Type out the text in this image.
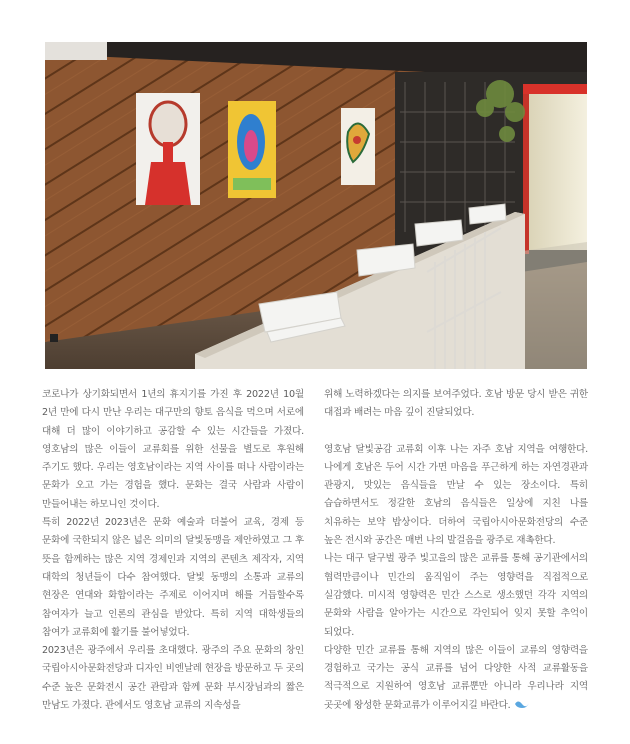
코로나가 상기화되면서 1년의 휴지기를 가진 후 2022년 10월 2년 만에 다시 만난 우리는 대구만의 향토 음식을 먹으며 서로에 대해 더 많이 이야기하고 공감할 수 있는 시간들을 가졌다. 영호남의 많은 이들이 교류회를 위한 선물을 별도로 후원해 주기도 했다. 우리는 영호남이라는 지역 사이를 떠나 사람이라는 문화가 오고 가는 경험을 했다. 문화는 결국 사람과 사람이 만들어내는 하모니인 것이다.

특히 2022년 2023년은 문화 예술과 더불어 교육, 경제 등 문화에 국한되지 않은 넓은 의미의 달빛동맹을 제안하였고 그 후 뜻을 함께하는 많은 지역 경제인과 지역의 콘텐츠 제작자, 지역 대학의 청년들이 다수 참여했다. 달빛 동맹의 소통과 교류의 현장은 연대와 화합이라는 주제로 이어지며 해를 거듭할수록 참여자가 늘고 인론의 관심을 받았다. 특히 지역 대학생들의 참여가 교류회에 활기를 불어넣었다.

2023년은 광주에서 우리를 초대했다. 광주의 주요 문화의 창인 국립아시아문화전당과 디자인 비엔날레 현장을 방문하고 두 곳의 수준 높은 문화전시 공간 관람과 함께 문화 부시장님과의 짧은 만남도 가졌다. 관에서도 영호남 교류의 지속성을

위해 노력하겠다는 의지를 보여주었다. 호남 방문 당시 받은 귀한 대접과 배려는 마음 깊이 진달되었다.

영호남 달빛공감 교류회 이후 나는 자주 호남 지역을 여행한다. 나에게 호남은 두어 시간 가면 마음을 푸근하게 하는 자연경관과 관광지, 맛있는 음식들을 만날 수 있는 장소이다. 특히 습습하면서도 정갈한 호남의 음식들은 일상에 지친 나를 치유하는 보약 밥상이다. 더하여 국립아시아문화전당의 수준 높은 전시와 공간은 매번 나의 발걸음을 광주로 재촉한다.

나는 대구 달구벌 광주 빛고을의 많은 교류를 통해 공기관에서의 협력만큼이나 민간의 움직임이 주는 영향력을 직접적으로 실감했다. 미시적 영향력은 민간 스스로 생소했던 각각 지역의 문화와 사람을 알아가는 시간으로 각인되어 잊지 못할 추억이 되었다.

다양한 민간 교류를 통해 지역의 많은 이들이 교류의 영향력을 경험하고 국가는 공식 교류를 넘어 다양한 사적 교류활동을 적극적으로 지원하여 영호남 교류뿐만 아니라 우리나라 지역 곳곳에 왕성한 문화교류가 이루어지길 바란다.
